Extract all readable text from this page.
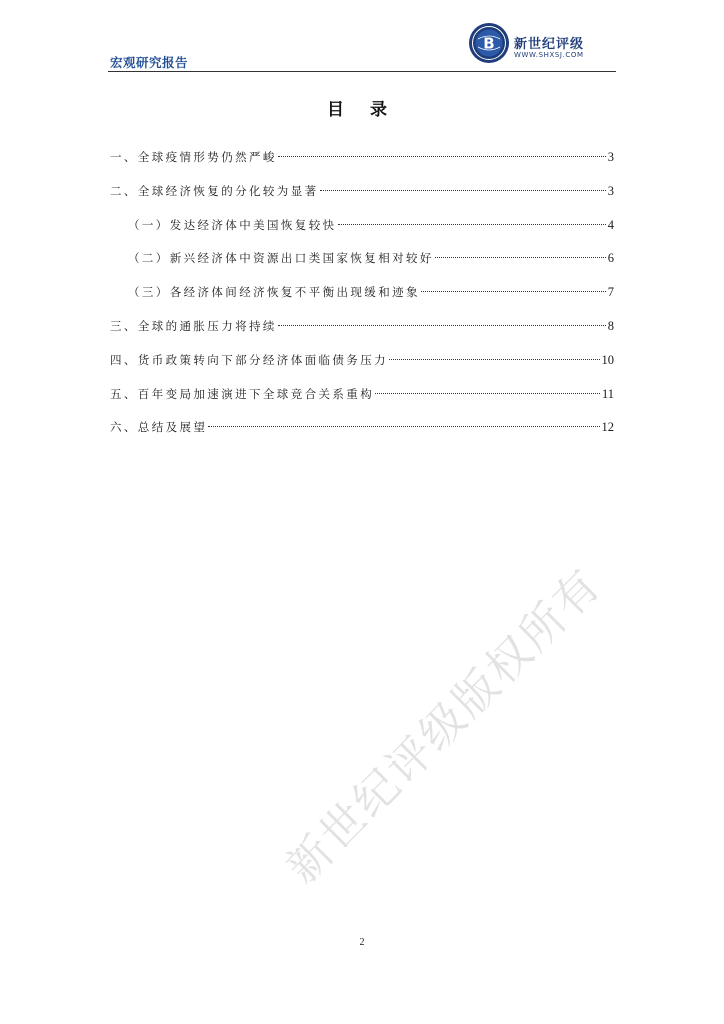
宏观研究报告
B 新世纪评级
WWW.SHXSJ.COM
目 录
一、全球疫情形势仍然严峻	3
二、全球经济恢复的分化较为显著	3
（一）发达经济体中美国恢复较快	4
（二）新兴经济体中资源出口类国家恢复相对较好	6
（三）各经济体间经济恢复不平衡出现缓和迹象	7
三、全球的通胀压力将持续	8
四、货币政策转向下部分经济体面临债务压力	10
五、百年变局加速演进下全球竞合关系重构	11
六、总结及展望	12
新世纪评级版权所有
2
